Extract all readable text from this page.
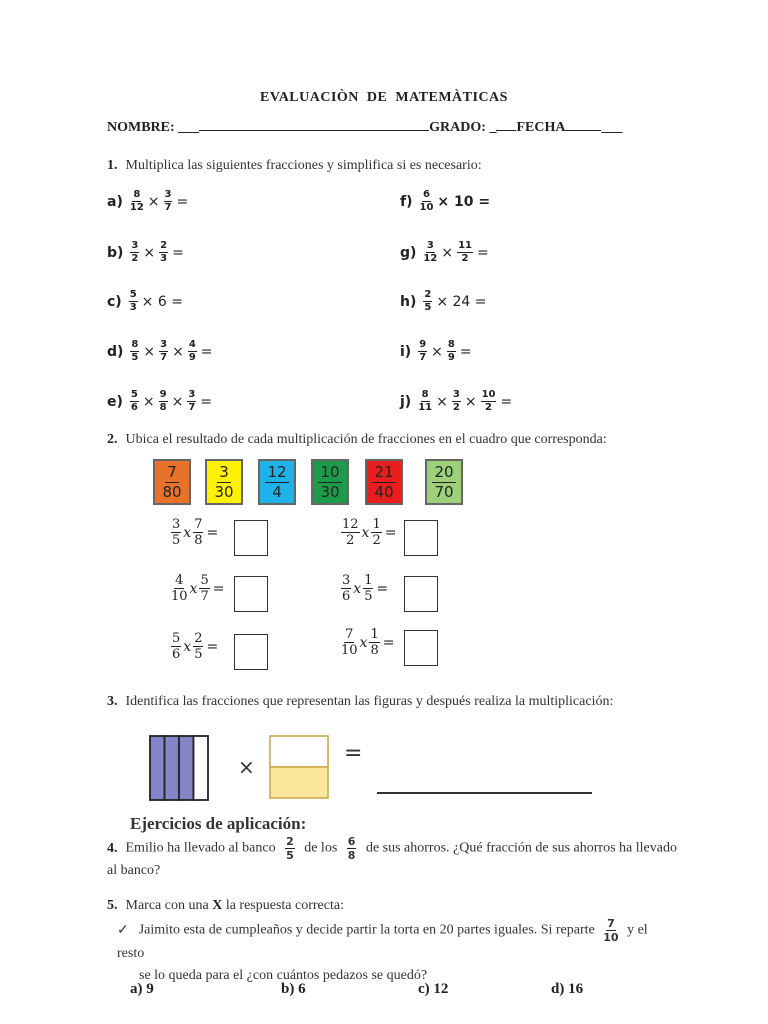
EVALUACIÒN DE MATEMÀTICAS
NOMBRE: ___	GRADO: _ FECHA	___
1. Multiplica las siguientes fracciones y simplifica si es necesario:
$a) \frac{8}{12} \times \frac{3}{7}$ =
$b) \frac{3}{2} \times \frac{2}{3}$ =
$c) \frac{5}{3} \times 6$ =
$d) \frac{8}{5} \times \frac{3}{7} \times \frac{4}{9}$ =
$e) \frac{5}{6} \times \frac{9}{8} \times \frac{3}{7}$ =
$f) \frac{6}{10} \times 10$ =
$g) \frac{3}{12} \times \frac{11}{2}$ =
$h) \frac{2}{5} \times 24$ =
$i) \frac{9}{7} \times \frac{8}{9}$ =
$j) \frac{8}{11} \times \frac{3}{2} \times \frac{10}{2}$ =
2. Ubica el resultado de cada multiplicación de fracciones en el cuadro que corresponda:
$\frac{7}{80} \frac{3}{30} \frac{12}{4} \frac{10}{30} \frac{21}{40} \frac{20}{70}$
$\frac{3}{5}$ x $\frac{7}{8}$ =	$\frac{12}{2}$ x $\frac{1}{2}$ =
$\frac{4}{10}$ x $\frac{5}{7}$ =	$\frac{3}{6}$ x $\frac{1}{5}$ =
$\frac{5}{6}$ x $\frac{2}{5}$ =	$\frac{7}{10}$ x $\frac{1}{8}$ =
3. Identifica las fracciones que representan las figuras y después realiza la multiplicación:
×
=
Ejercicios de aplicación:
4. Emilio ha llevado al banco $\frac{2}{5}$ de los $\frac{6}{8}$ de sus ahorros. ¿Qué fracción de sus ahorros ha llevado
al banco?
5. Marca con una X la respuesta correcta:
✓ Jaimito esta de cumpleaños y decide partir la torta en 20 partes iguales. Si reparte $\frac{7}{10}$ y el resto
se lo queda para el ¿con cuántos pedazos se quedó?
a) 9	b) 6	c) 12	d) 16
